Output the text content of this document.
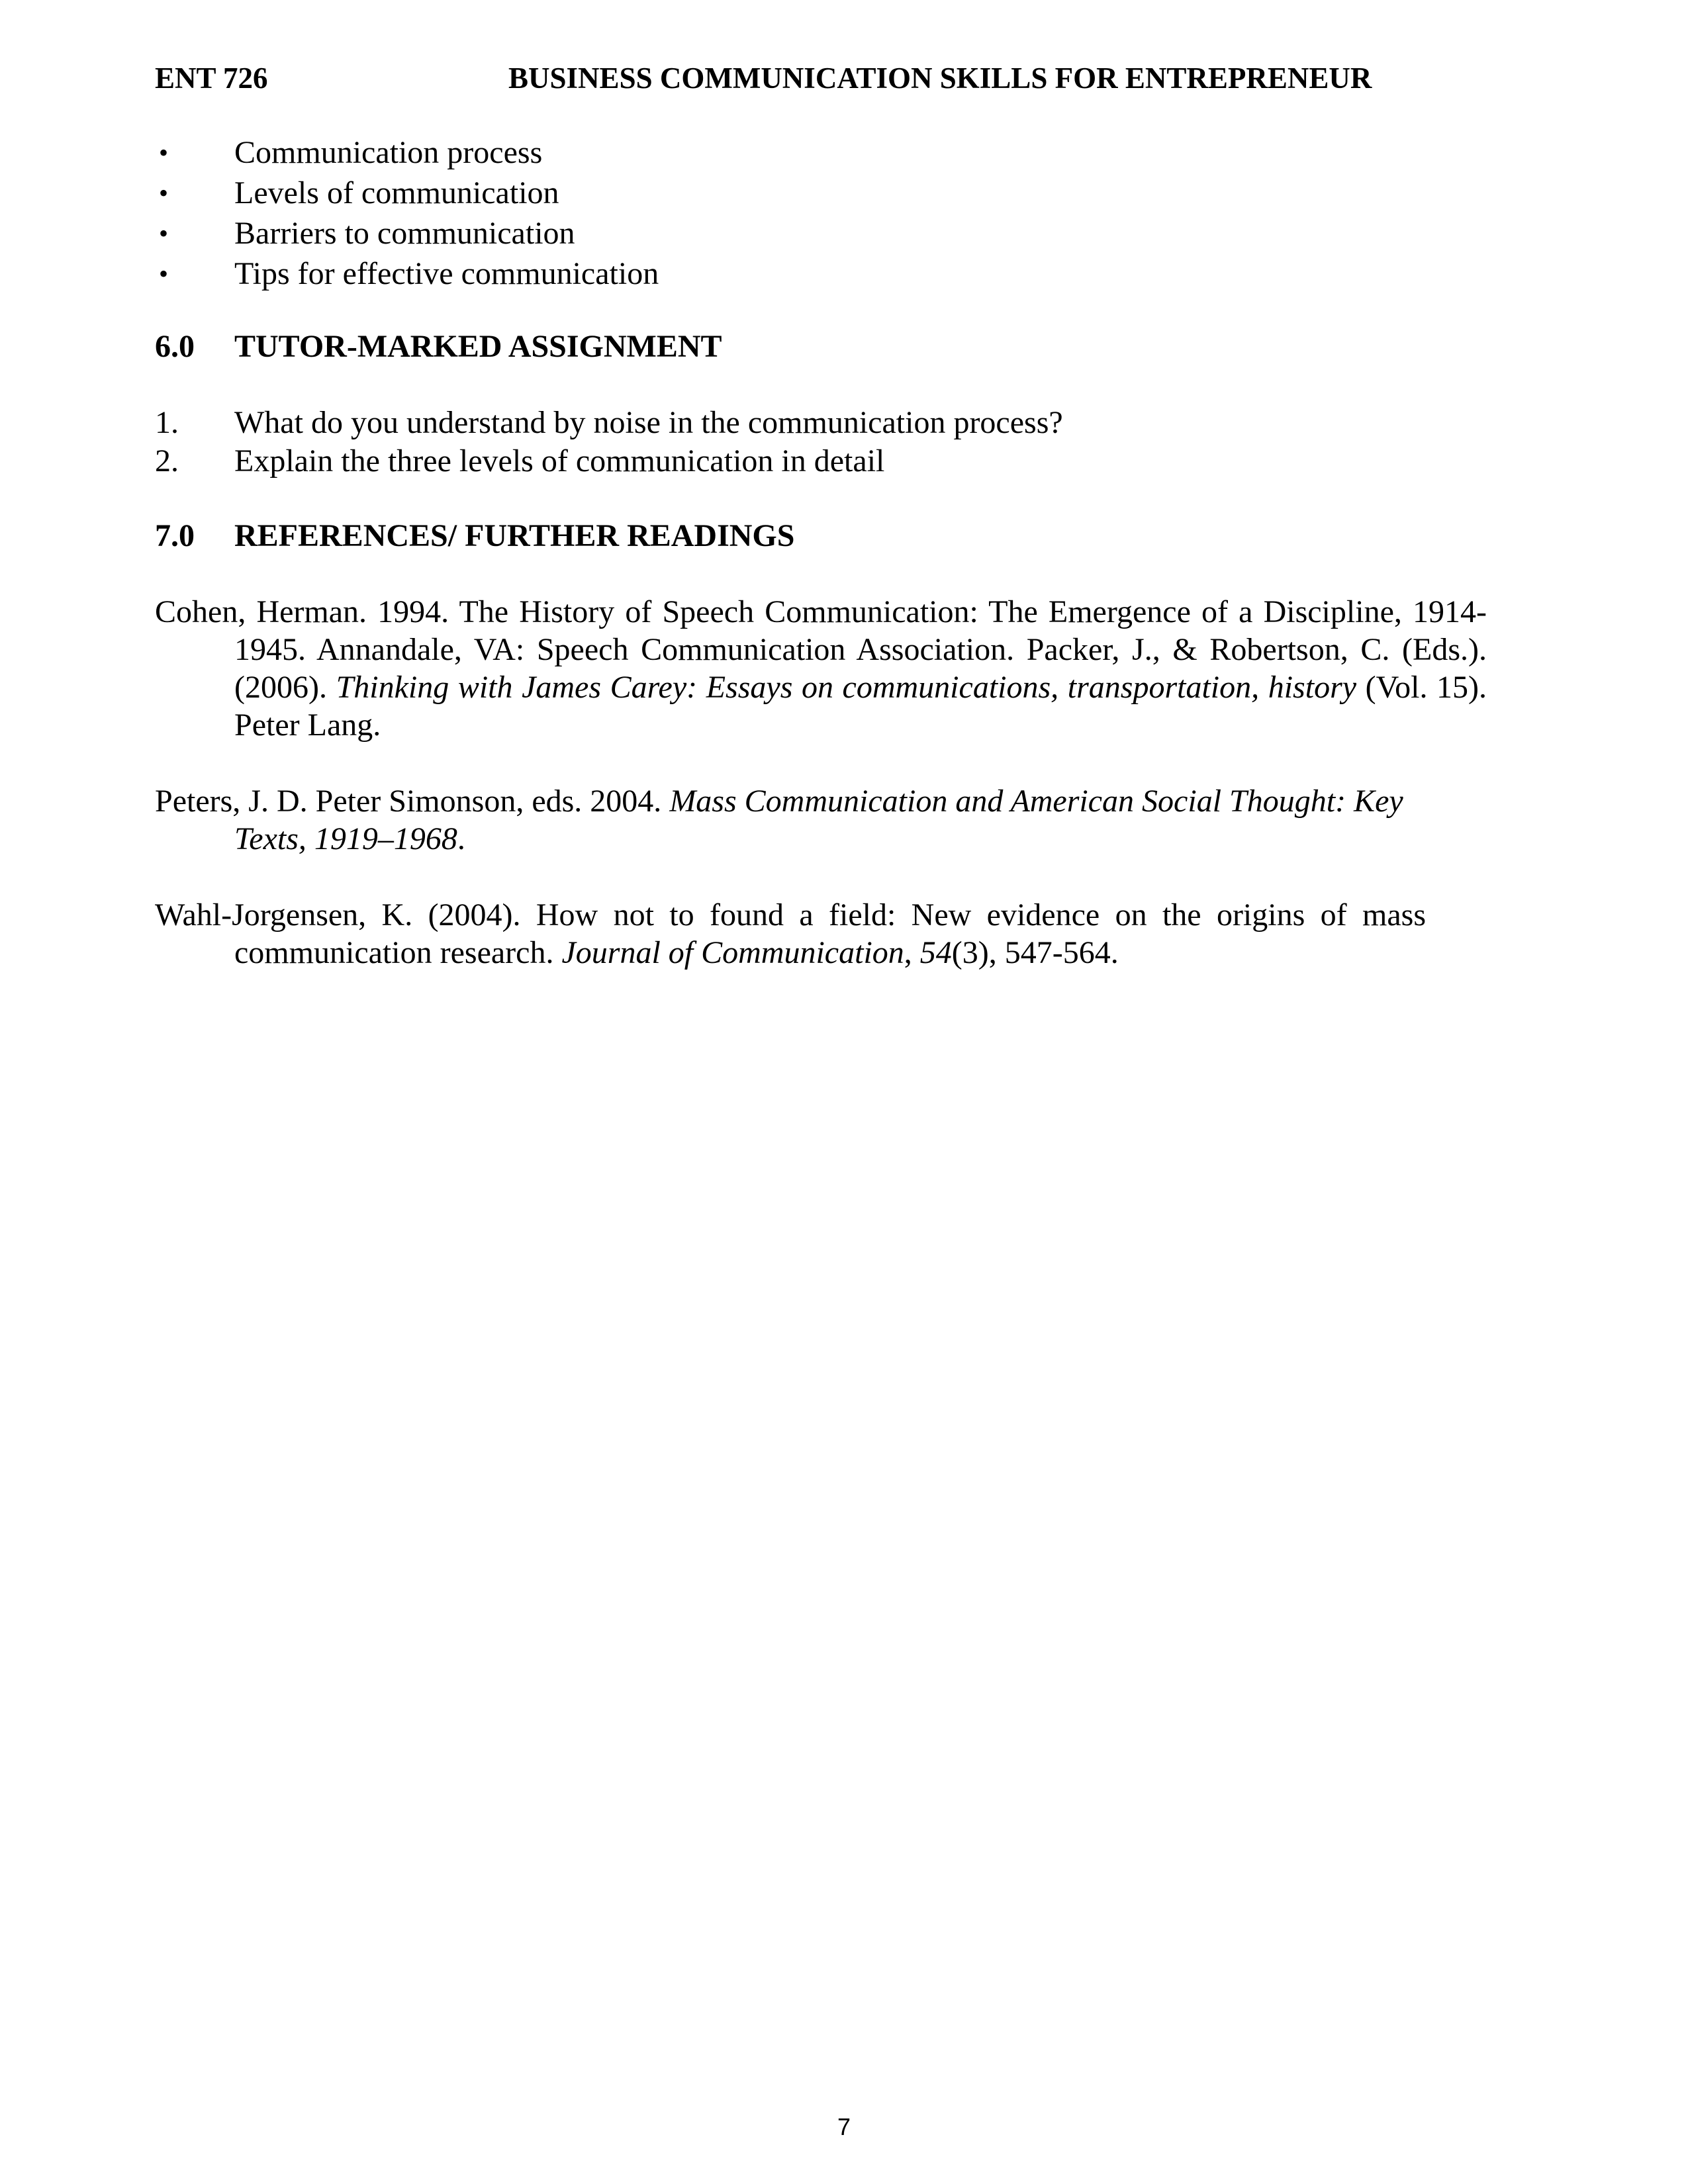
ENT 726	BUSINESS COMMUNICATION SKILLS FOR ENTREPRENEUR
• Communication process
• Levels of communication
• Barriers to communication
• Tips for effective communication
6.0 TUTOR-MARKED ASSIGNMENT
1. What do you understand by noise in the communication process?
2. Explain the three levels of communication in detail
7.0 REFERENCES/ FURTHER READINGS
Cohen, Herman. 1994. The History of Speech Communication: The Emergence of a Discipline, 1914-1945. Annandale, VA: Speech Communication Association. Packer, J., & Robertson, C. (Eds.). (2006). Thinking with James Carey: Essays on communications, transportation, history (Vol. 15). Peter Lang.
Peters, J. D. Peter Simonson, eds. 2004. Mass Communication and American Social Thought: Key Texts, 1919–1968.
Wahl-Jorgensen, K. (2004). How not to found a field: New evidence on the origins of mass communication research. Journal of Communication, 54(3), 547-564.
7
